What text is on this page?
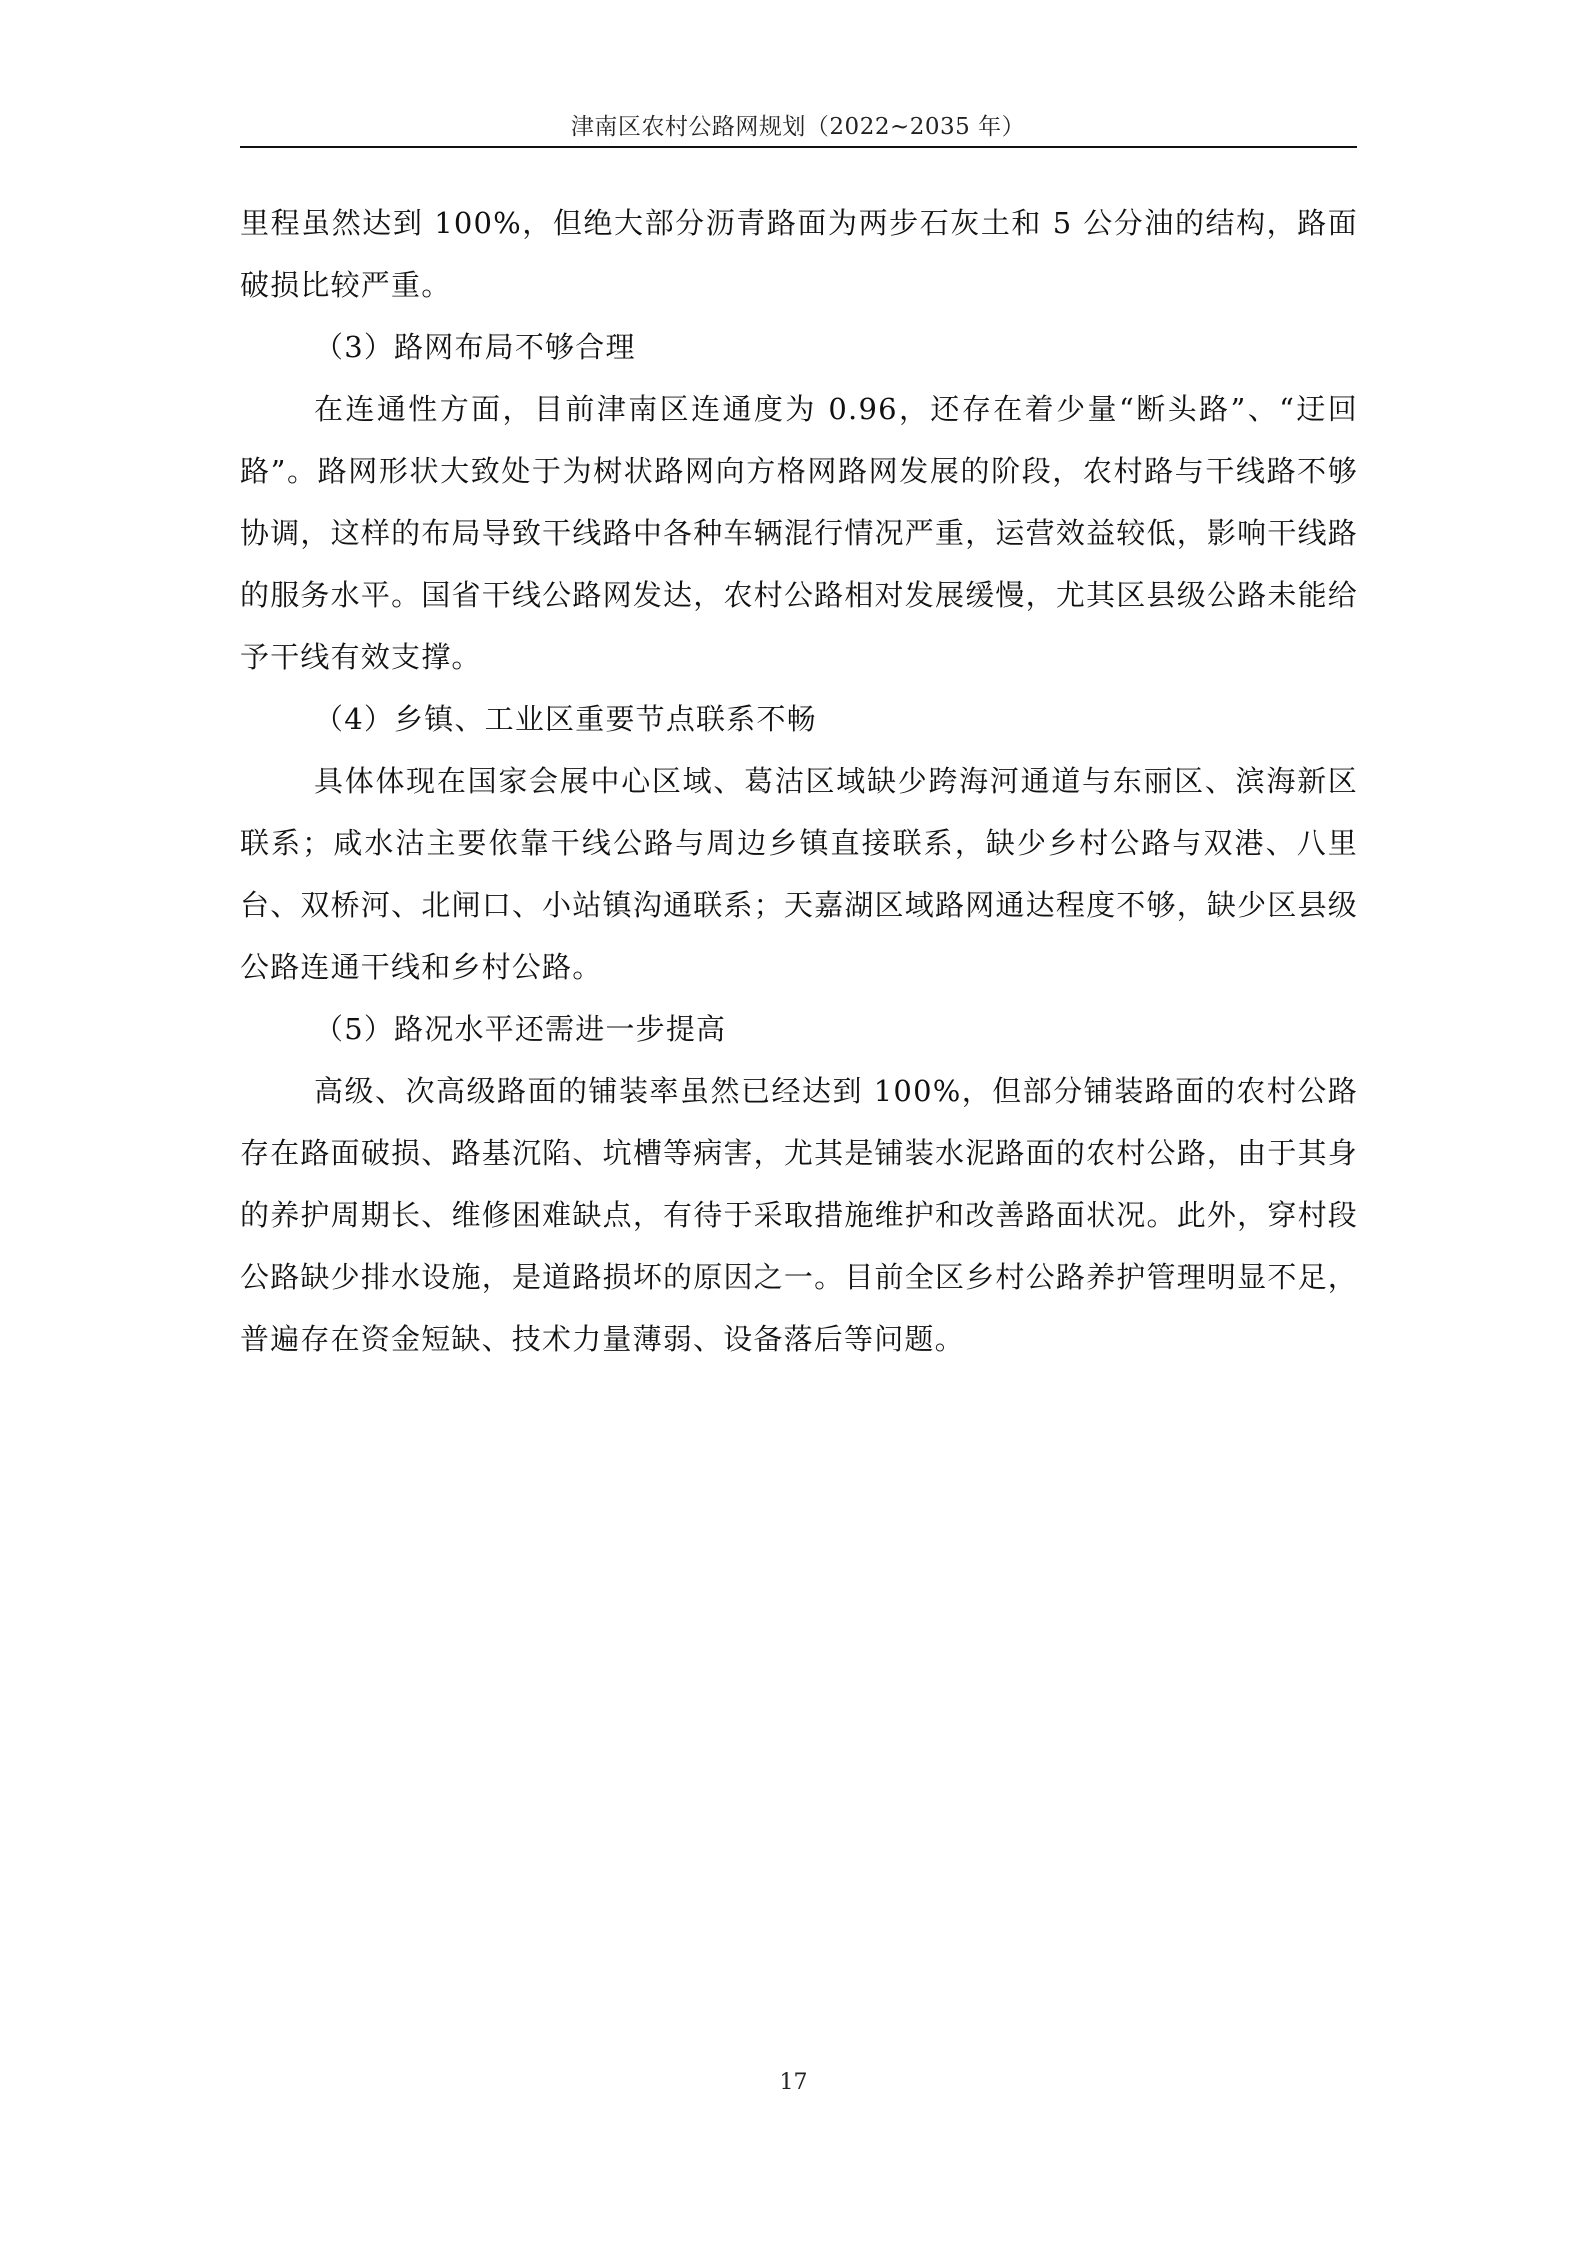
津南区农村公路网规划（2022~2035 年）

里程虽然达到 100%，但绝大部分沥青路面为两步石灰土和 5 公分油的结构，路面破损比较严重。

（3）路网布局不够合理

在连通性方面，目前津南区连通度为 0.96，还存在着少量“断头路”、“迂回路”。路网形状大致处于为树状路网向方格网路网发展的阶段，农村路与干线路不够协调，这样的布局导致干线路中各种车辆混行情况严重，运营效益较低，影响干线路的服务水平。国省干线公路网发达，农村公路相对发展缓慢，尤其区县级公路未能给予干线有效支撑。

（4）乡镇、工业区重要节点联系不畅

具体体现在国家会展中心区域、葛沽区域缺少跨海河通道与东丽区、滨海新区联系；咸水沽主要依靠干线公路与周边乡镇直接联系，缺少乡村公路与双港、八里台、双桥河、北闸口、小站镇沟通联系；天嘉湖区域路网通达程度不够，缺少区县级公路连通干线和乡村公路。

（5）路况水平还需进一步提高

高级、次高级路面的铺装率虽然已经达到 100%，但部分铺装路面的农村公路存在路面破损、路基沉陷、坑槽等病害，尤其是铺装水泥路面的农村公路，由于其身的养护周期长、维修困难缺点，有待于采取措施维护和改善路面状况。此外，穿村段公路缺少排水设施，是道路损坏的原因之一。目前全区乡村公路养护管理明显不足，普遍存在资金短缺、技术力量薄弱、设备落后等问题。

17
